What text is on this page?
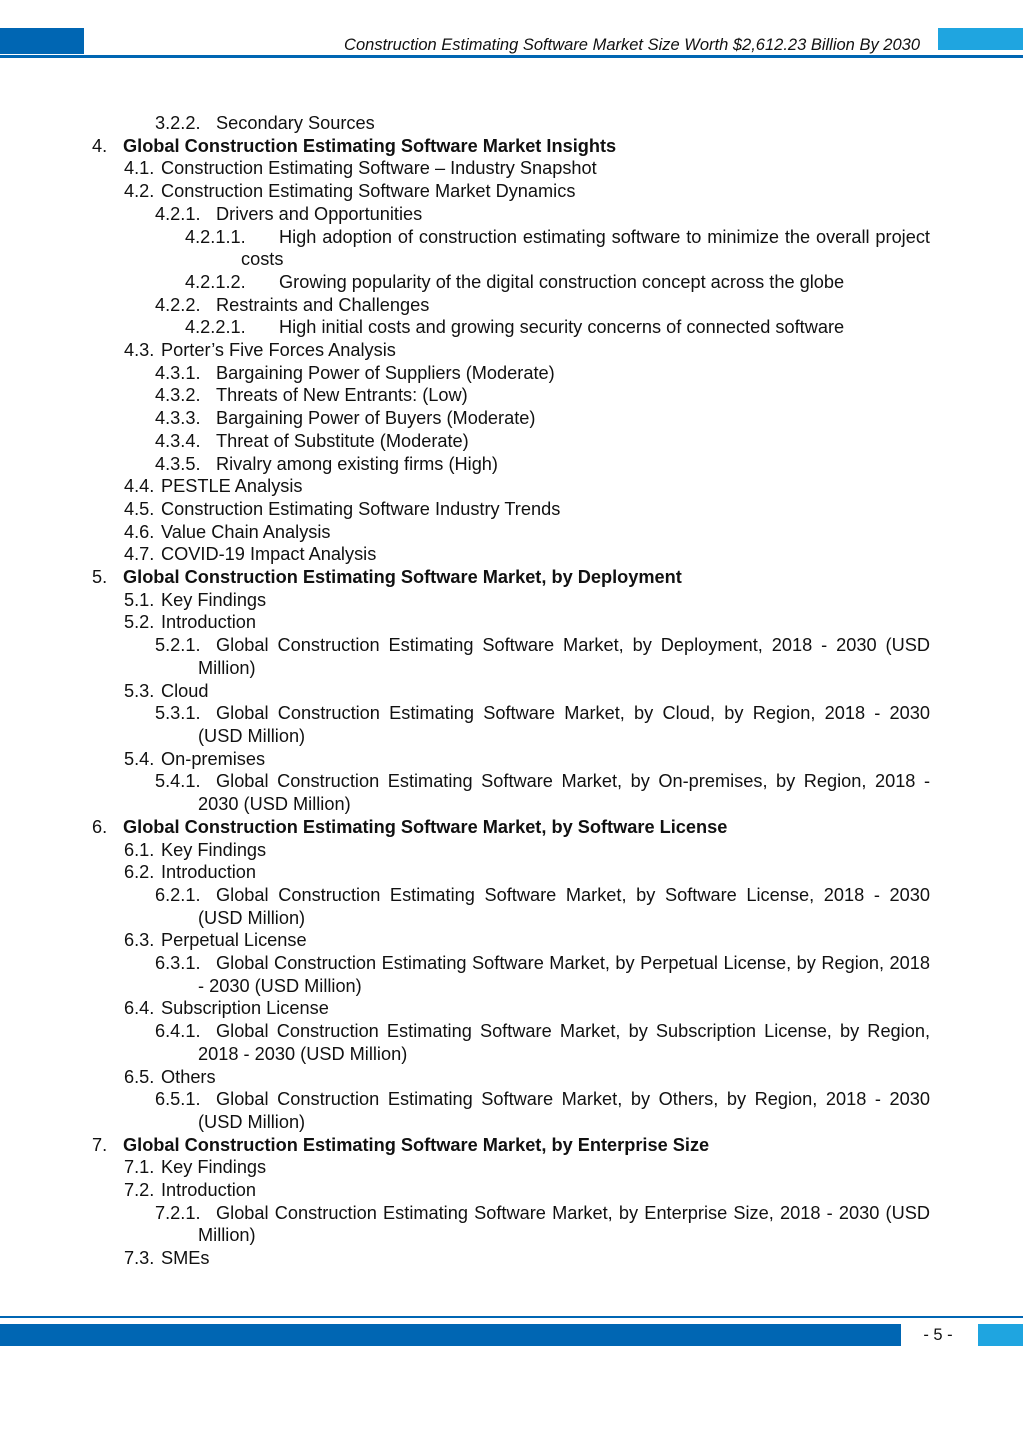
Construction Estimating Software Market Size Worth $2,612.23 Billion By 2030
3.2.2. Secondary Sources
4. Global Construction Estimating Software Market Insights
4.1. Construction Estimating Software – Industry Snapshot
4.2. Construction Estimating Software Market Dynamics
4.2.1. Drivers and Opportunities
4.2.1.1.	High adoption of construction estimating software to minimize the overall project costs
4.2.1.2.	Growing popularity of the digital construction concept across the globe
4.2.2. Restraints and Challenges
4.2.2.1.	High initial costs and growing security concerns of connected software
4.3. Porter’s Five Forces Analysis
4.3.1. Bargaining Power of Suppliers (Moderate)
4.3.2. Threats of New Entrants: (Low)
4.3.3. Bargaining Power of Buyers (Moderate)
4.3.4. Threat of Substitute (Moderate)
4.3.5. Rivalry among existing firms (High)
4.4. PESTLE Analysis
4.5. Construction Estimating Software Industry Trends
4.6. Value Chain Analysis
4.7. COVID-19 Impact Analysis
5. Global Construction Estimating Software Market, by Deployment
5.1. Key Findings
5.2. Introduction
5.2.1. Global Construction Estimating Software Market, by Deployment, 2018 - 2030 (USD Million)
5.3. Cloud
5.3.1. Global Construction Estimating Software Market, by Cloud, by Region, 2018 - 2030 (USD Million)
5.4. On-premises
5.4.1. Global Construction Estimating Software Market, by On-premises, by Region, 2018 - 2030 (USD Million)
6. Global Construction Estimating Software Market, by Software License
6.1. Key Findings
6.2. Introduction
6.2.1. Global Construction Estimating Software Market, by Software License, 2018 - 2030 (USD Million)
6.3. Perpetual License
6.3.1. Global Construction Estimating Software Market, by Perpetual License, by Region, 2018 - 2030 (USD Million)
6.4. Subscription License
6.4.1. Global Construction Estimating Software Market, by Subscription License, by Region, 2018 - 2030 (USD Million)
6.5. Others
6.5.1. Global Construction Estimating Software Market, by Others, by Region, 2018 - 2030 (USD Million)
7. Global Construction Estimating Software Market, by Enterprise Size
7.1. Key Findings
7.2. Introduction
7.2.1. Global Construction Estimating Software Market, by Enterprise Size, 2018 - 2030 (USD Million)
7.3. SMEs
- 5 -
